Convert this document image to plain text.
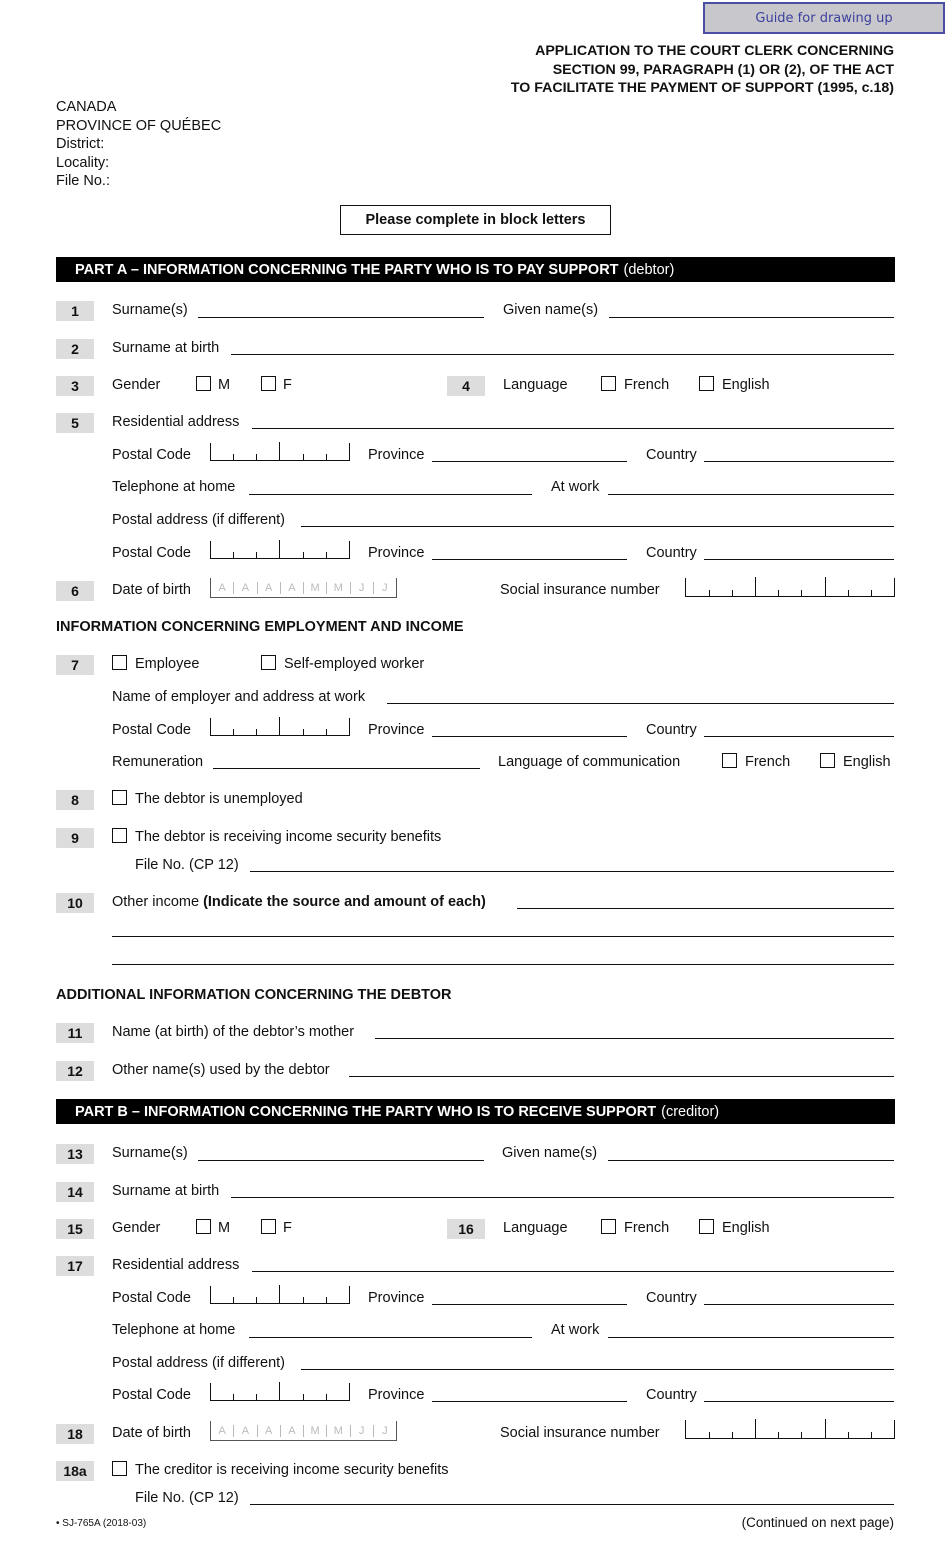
Guide for drawing up
APPLICATION TO THE COURT CLERK CONCERNING
SECTION 99, PARAGRAPH (1) OR (2), OF THE ACT
TO FACILITATE THE PAYMENT OF SUPPORT (1995, c.18)
CANADA
PROVINCE OF QUÉBEC
District:
Locality:
File No.:
Please complete in block letters
PART A – INFORMATION CONCERNING THE PARTY WHO IS TO PAY SUPPORT (debtor)
1	Surname(s)	Given name(s)
2	Surname at birth
3	Gender	M	F	4	Language	French	English
5	Residential address
Postal Code	Province	Country
Telephone at home	At work
Postal address (if different)
Postal Code	Province	Country
6	Date of birth	A	A	A	A	M	M	J	J	Social insurance number
INFORMATION CONCERNING EMPLOYMENT AND INCOME
7	Employee	Self-employed worker
Name of employer and address at work
Postal Code	Province	Country
Remuneration	Language of communication	French	English
8	The debtor is unemployed
9	The debtor is receiving income security benefits
File No. (CP 12)
10	Other income (Indicate the source and amount of each)
ADDITIONAL INFORMATION CONCERNING THE DEBTOR
11	Name (at birth) of the debtor’s mother
12	Other name(s) used by the debtor
PART B – INFORMATION CONCERNING THE PARTY WHO IS TO RECEIVE SUPPORT (creditor)
13	Surname(s)	Given name(s)
14	Surname at birth
15	Gender	M	F	16	Language	French	English
17	Residential address
Postal Code	Province	Country
Telephone at home	At work
Postal address (if different)
Postal Code	Province	Country
18	Date of birth	A	A	A	A	M	M	J	J	Social insurance number
18a	The creditor is receiving income security benefits
File No. (CP 12)
• SJ-765A (2018-03)	(Continued on next page)
